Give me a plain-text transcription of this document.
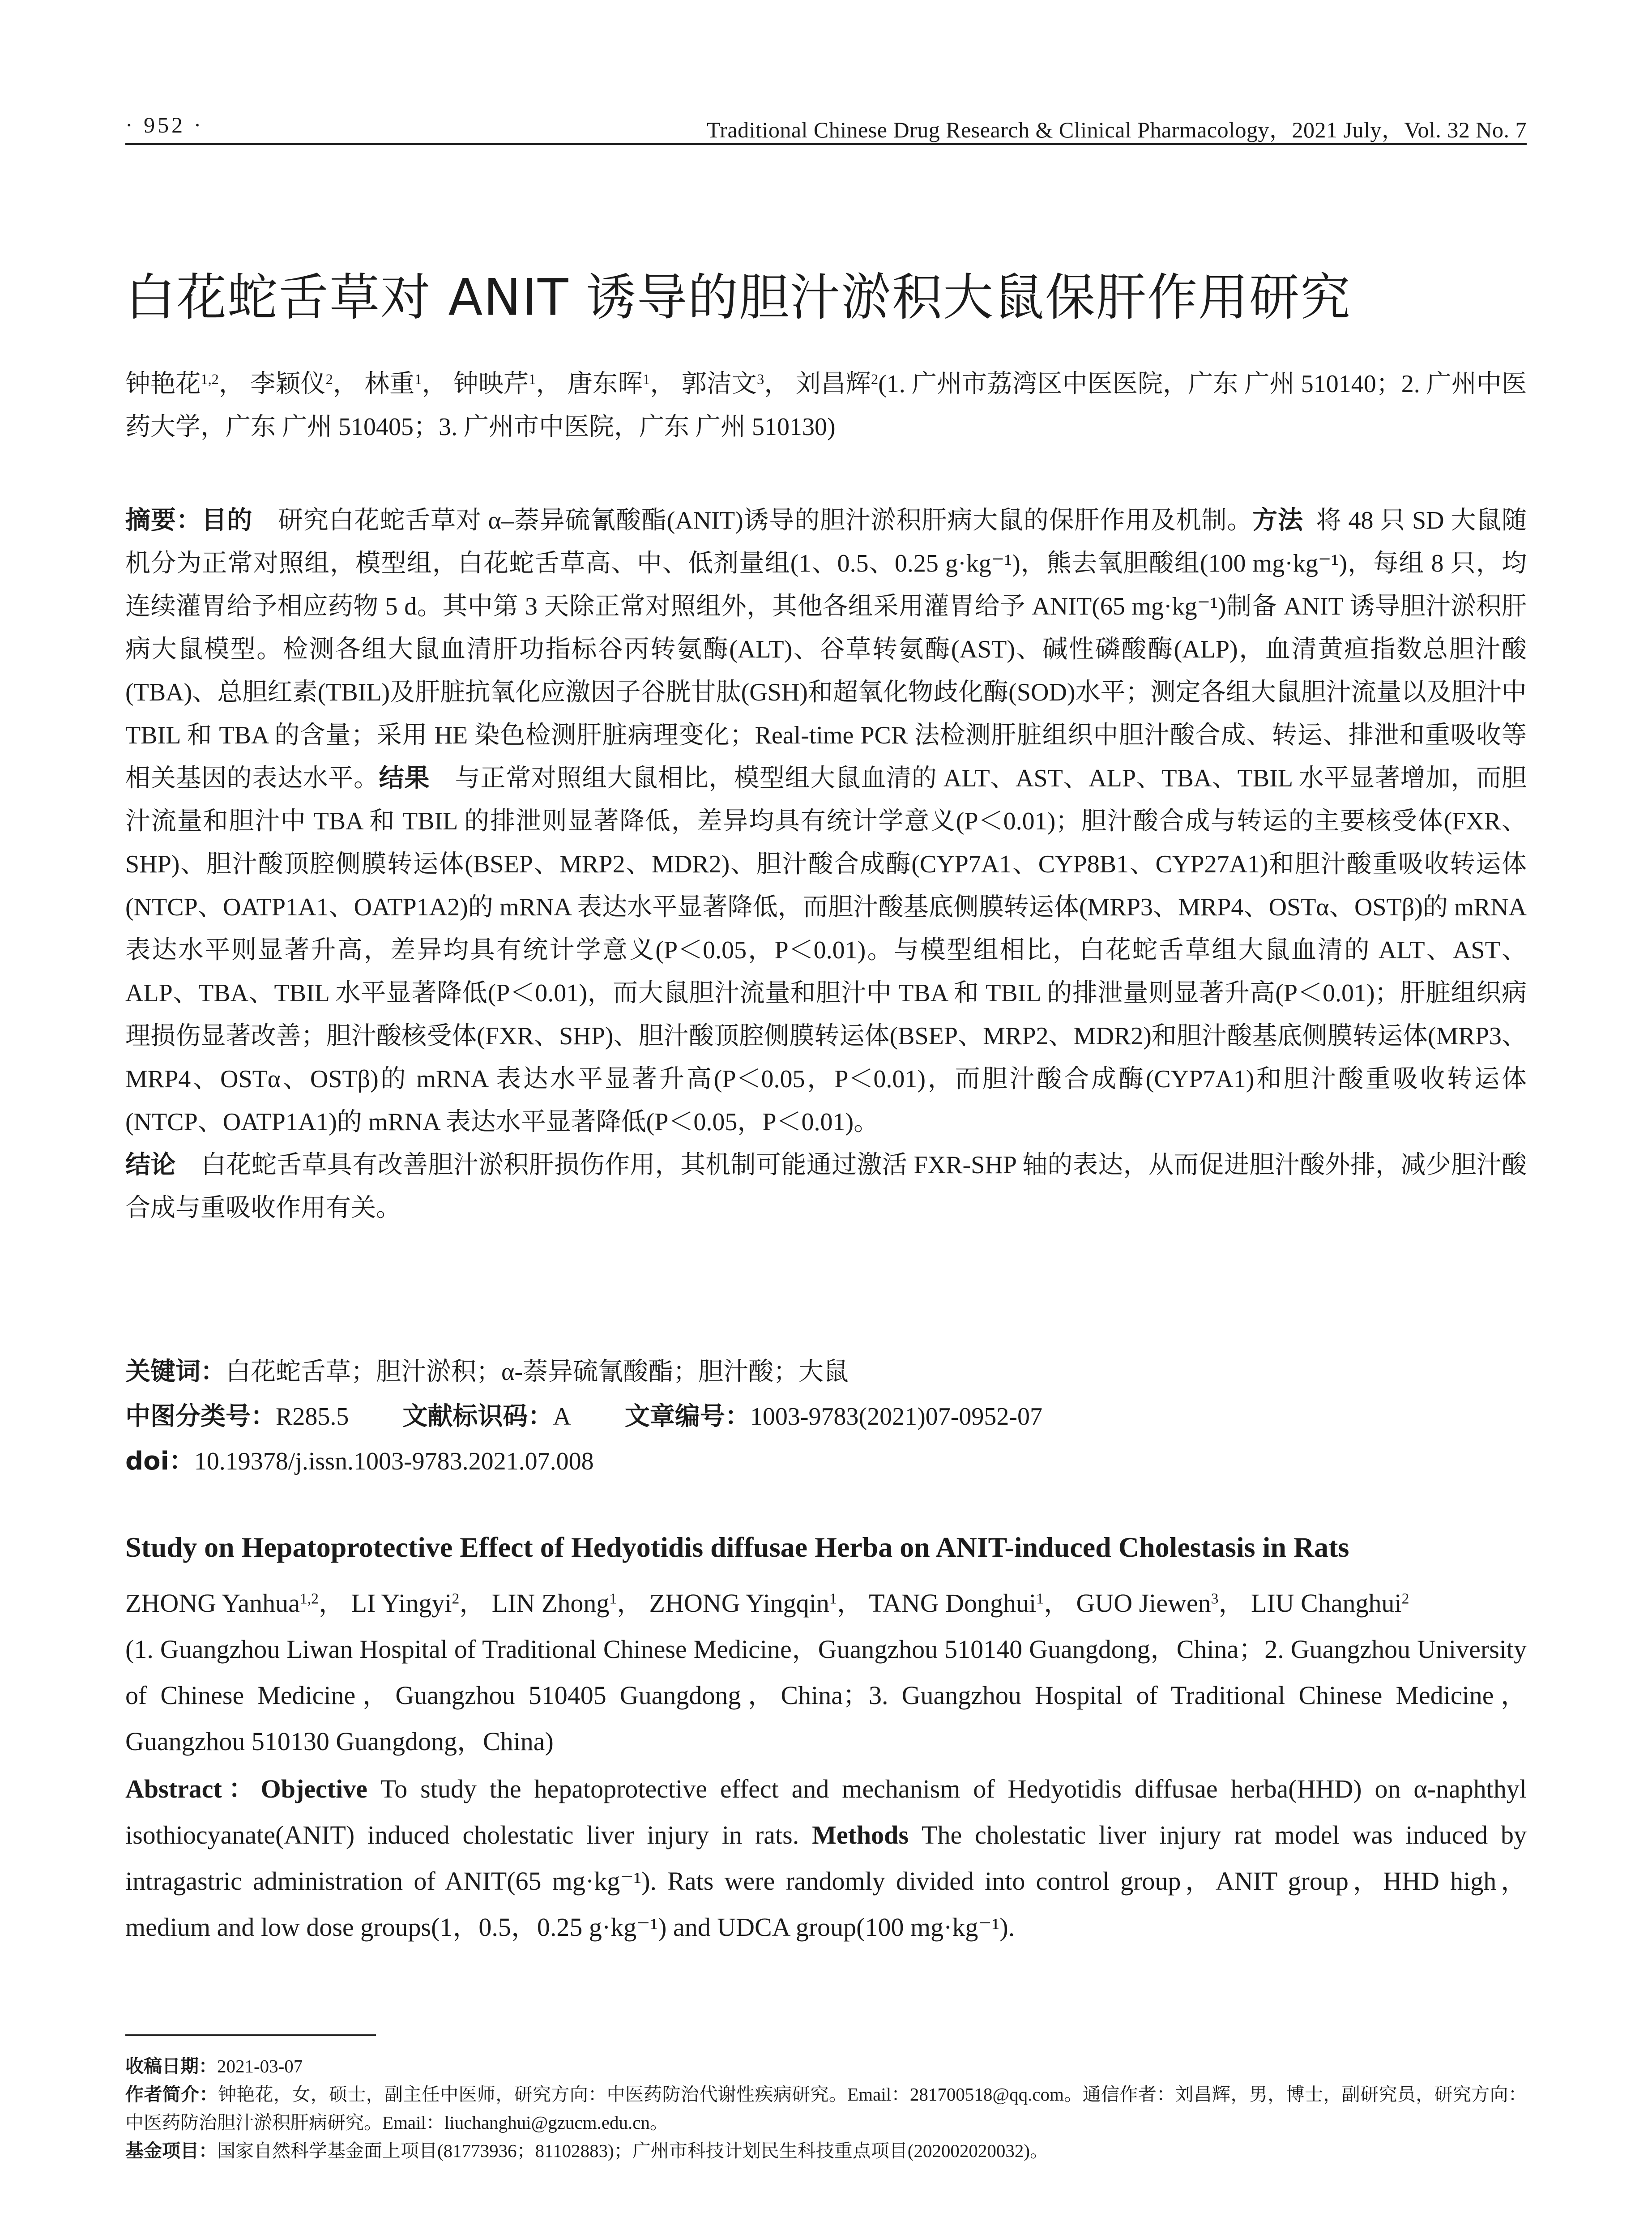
· 952 ·	Traditional Chinese Drug Research & Clinical Pharmacology，2021 July，Vol. 32 No. 7
白花蛇舌草对 ANIT 诱导的胆汁淤积大鼠保肝作用研究
钟艳花$^{1,2}$， 李颖仪$^2$， 林重$^1$， 钟映芹$^1$， 唐东晖$^1$， 郭洁文$^3$， 刘昌辉$^2$(1. 广州市荔湾区中医医院，广东 广州 510140；2. 广州中医药大学，广东 广州 510405；3. 广州市中医院，广东 广州 510130)
摘要：目的  研究白花蛇舌草对 α–萘异硫氰酸酯(ANIT)诱导的胆汁淤积肝病大鼠的保肝作用及机制。方法  将 48 只 SD 大鼠随机分为正常对照组，模型组，白花蛇舌草高、中、低剂量组(1、0.5、0.25 g·kg⁻¹)，熊去氧胆酸组(100 mg·kg⁻¹)，每组 8 只，均连续灌胃给予相应药物 5 d。其中第 3 天除正常对照组外，其他各组采用灌胃给予 ANIT(65 mg·kg⁻¹)制备 ANIT 诱导胆汁淤积肝病大鼠模型。检测各组大鼠血清肝功指标谷丙转氨酶(ALT)、谷草转氨酶(AST)、碱性磷酸酶(ALP)，血清黄疸指数总胆汁酸(TBA)、总胆红素(TBIL)及肝脏抗氧化应激因子谷胱甘肽(GSH)和超氧化物歧化酶(SOD)水平；测定各组大鼠胆汁流量以及胆汁中 TBIL 和 TBA 的含量；采用 HE 染色检测肝脏病理变化；Real-time PCR 法检测肝脏组织中胆汁酸合成、转运、排泄和重吸收等相关基因的表达水平。结果  与正常对照组大鼠相比，模型组大鼠血清的 ALT、AST、ALP、TBA、TBIL 水平显著增加，而胆汁流量和胆汁中 TBA 和 TBIL 的排泄则显著降低，差异均具有统计学意义(P＜0.01)；胆汁酸合成与转运的主要核受体(FXR、SHP)、胆汁酸顶腔侧膜转运体(BSEP、MRP2、MDR2)、胆汁酸合成酶(CYP7A1、CYP8B1、CYP27A1)和胆汁酸重吸收转运体(NTCP、OATP1A1、OATP1A2)的 mRNA 表达水平显著降低，而胆汁酸基底侧膜转运体(MRP3、MRP4、OSTα、OSTβ)的 mRNA 表达水平则显著升高，差异均具有统计学意义(P＜0.05，P＜0.01)。与模型组相比，白花蛇舌草组大鼠血清的 ALT、AST、ALP、TBA、TBIL 水平显著降低(P＜0.01)，而大鼠胆汁流量和胆汁中 TBA 和 TBIL 的排泄量则显著升高(P＜0.01)；肝脏组织病理损伤显著改善；胆汁酸核受体(FXR、SHP)、胆汁酸顶腔侧膜转运体(BSEP、MRP2、MDR2)和胆汁酸基底侧膜转运体(MRP3、MRP4、OSTα、OSTβ)的 mRNA 表达水平显著升高(P＜0.05，P＜0.01)，而胆汁酸合成酶(CYP7A1)和胆汁酸重吸收转运体(NTCP、OATP1A1)的 mRNA 表达水平显著降低(P＜0.05，P＜0.01)。
结论  白花蛇舌草具有改善胆汁淤积肝损伤作用，其机制可能通过激活 FXR-SHP 轴的表达，从而促进胆汁酸外排，减少胆汁酸合成与重吸收作用有关。
关键词：白花蛇舌草；胆汁淤积；α-萘异硫氰酸酯；胆汁酸；大鼠
中图分类号：R285.5 文献标识码：A 文章编号：1003-9783(2021)07-0952-07
doi：10.19378/j.issn.1003-9783.2021.07.008
Study on Hepatoprotective Effect of Hedyotidis diffusae Herba on ANIT-induced Cholestasis in Rats
ZHONG Yanhua$^{1,2}$， LI Yingyi$^2$， LIN Zhong$^1$， ZHONG Yingqin$^1$， TANG Donghui$^1$， GUO Jiewen$^3$， LIU Changhui$^2$
(1. Guangzhou Liwan Hospital of Traditional Chinese Medicine，Guangzhou 510140 Guangdong，China；2. Guangzhou University of Chinese Medicine，Guangzhou 510405 Guangdong，China；3. Guangzhou Hospital of Traditional Chinese Medicine，Guangzhou 510130 Guangdong，China)
Abstract：Objective  To study the hepatoprotective effect and mechanism of Hedyotidis diffusae herba(HHD) on α-naphthyl isothiocyanate(ANIT) induced cholestatic liver injury in rats. Methods  The cholestatic liver injury rat model was induced by intragastric administration of ANIT(65 mg·kg⁻¹). Rats were randomly divided into control group，ANIT group，HHD high，medium and low dose groups(1，0.5，0.25 g·kg⁻¹) and UDCA group(100 mg·kg⁻¹).
收稿日期：2021-03-07
作者简介：钟艳花，女，硕士，副主任中医师，研究方向：中医药防治代谢性疾病研究。Email：281700518@qq.com。通信作者：刘昌辉，男，博士，副研究员，研究方向：中医药防治胆汁淤积肝病研究。Email：liuchanghui@gzucm.edu.cn。
基金项目：国家自然科学基金面上项目(81773936；81102883)；广州市科技计划民生科技重点项目(202002020032)。
